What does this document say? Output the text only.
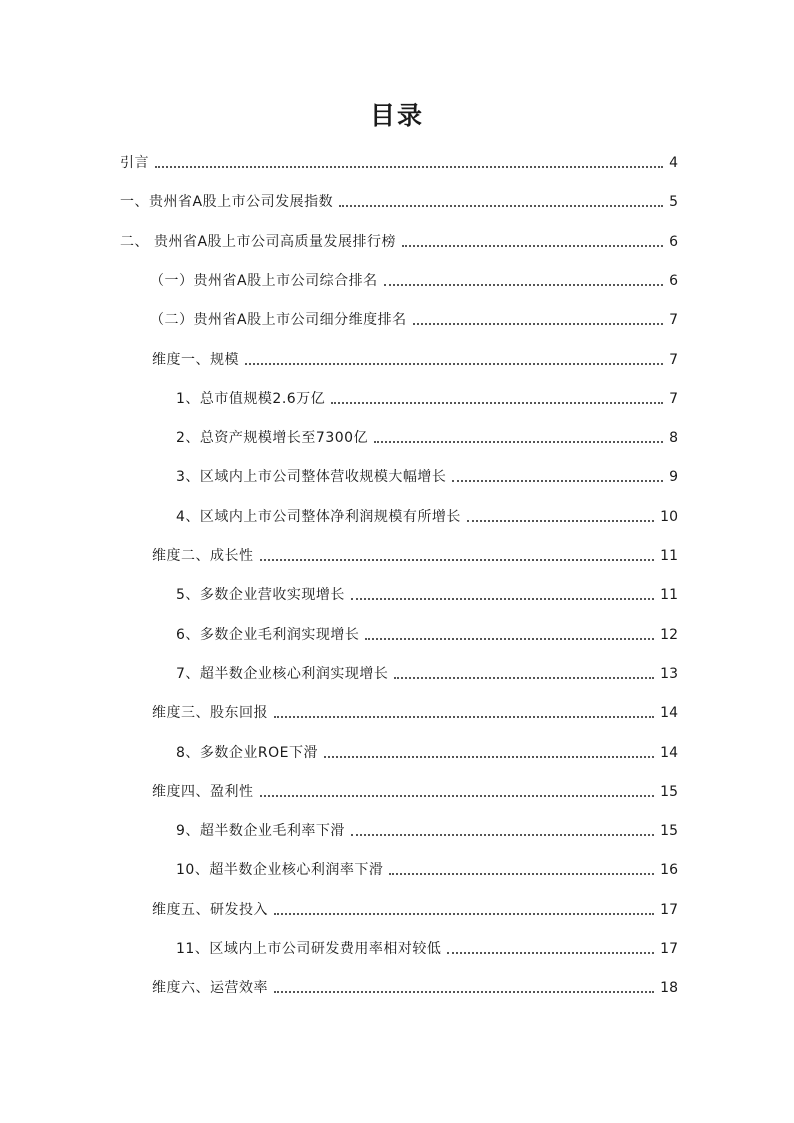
目录
引言	4
一、贵州省A股上市公司发展指数	5
二、 贵州省A股上市公司高质量发展排行榜	6
（一）贵州省A股上市公司综合排名	6
（二）贵州省A股上市公司细分维度排名	7
维度一、规模	7
1、总市值规模2.6万亿	7
2、总资产规模增长至7300亿	8
3、区域内上市公司整体营收规模大幅增长	9
4、区域内上市公司整体净利润规模有所增长	10
维度二、成长性	11
5、多数企业营收实现增长	11
6、多数企业毛利润实现增长	12
7、超半数企业核心利润实现增长	13
维度三、股东回报	14
8、多数企业ROE下滑	14
维度四、盈利性	15
9、超半数企业毛利率下滑	15
10、超半数企业核心利润率下滑	16
维度五、研发投入	17
11、区域内上市公司研发费用率相对较低	17
维度六、运营效率	18
